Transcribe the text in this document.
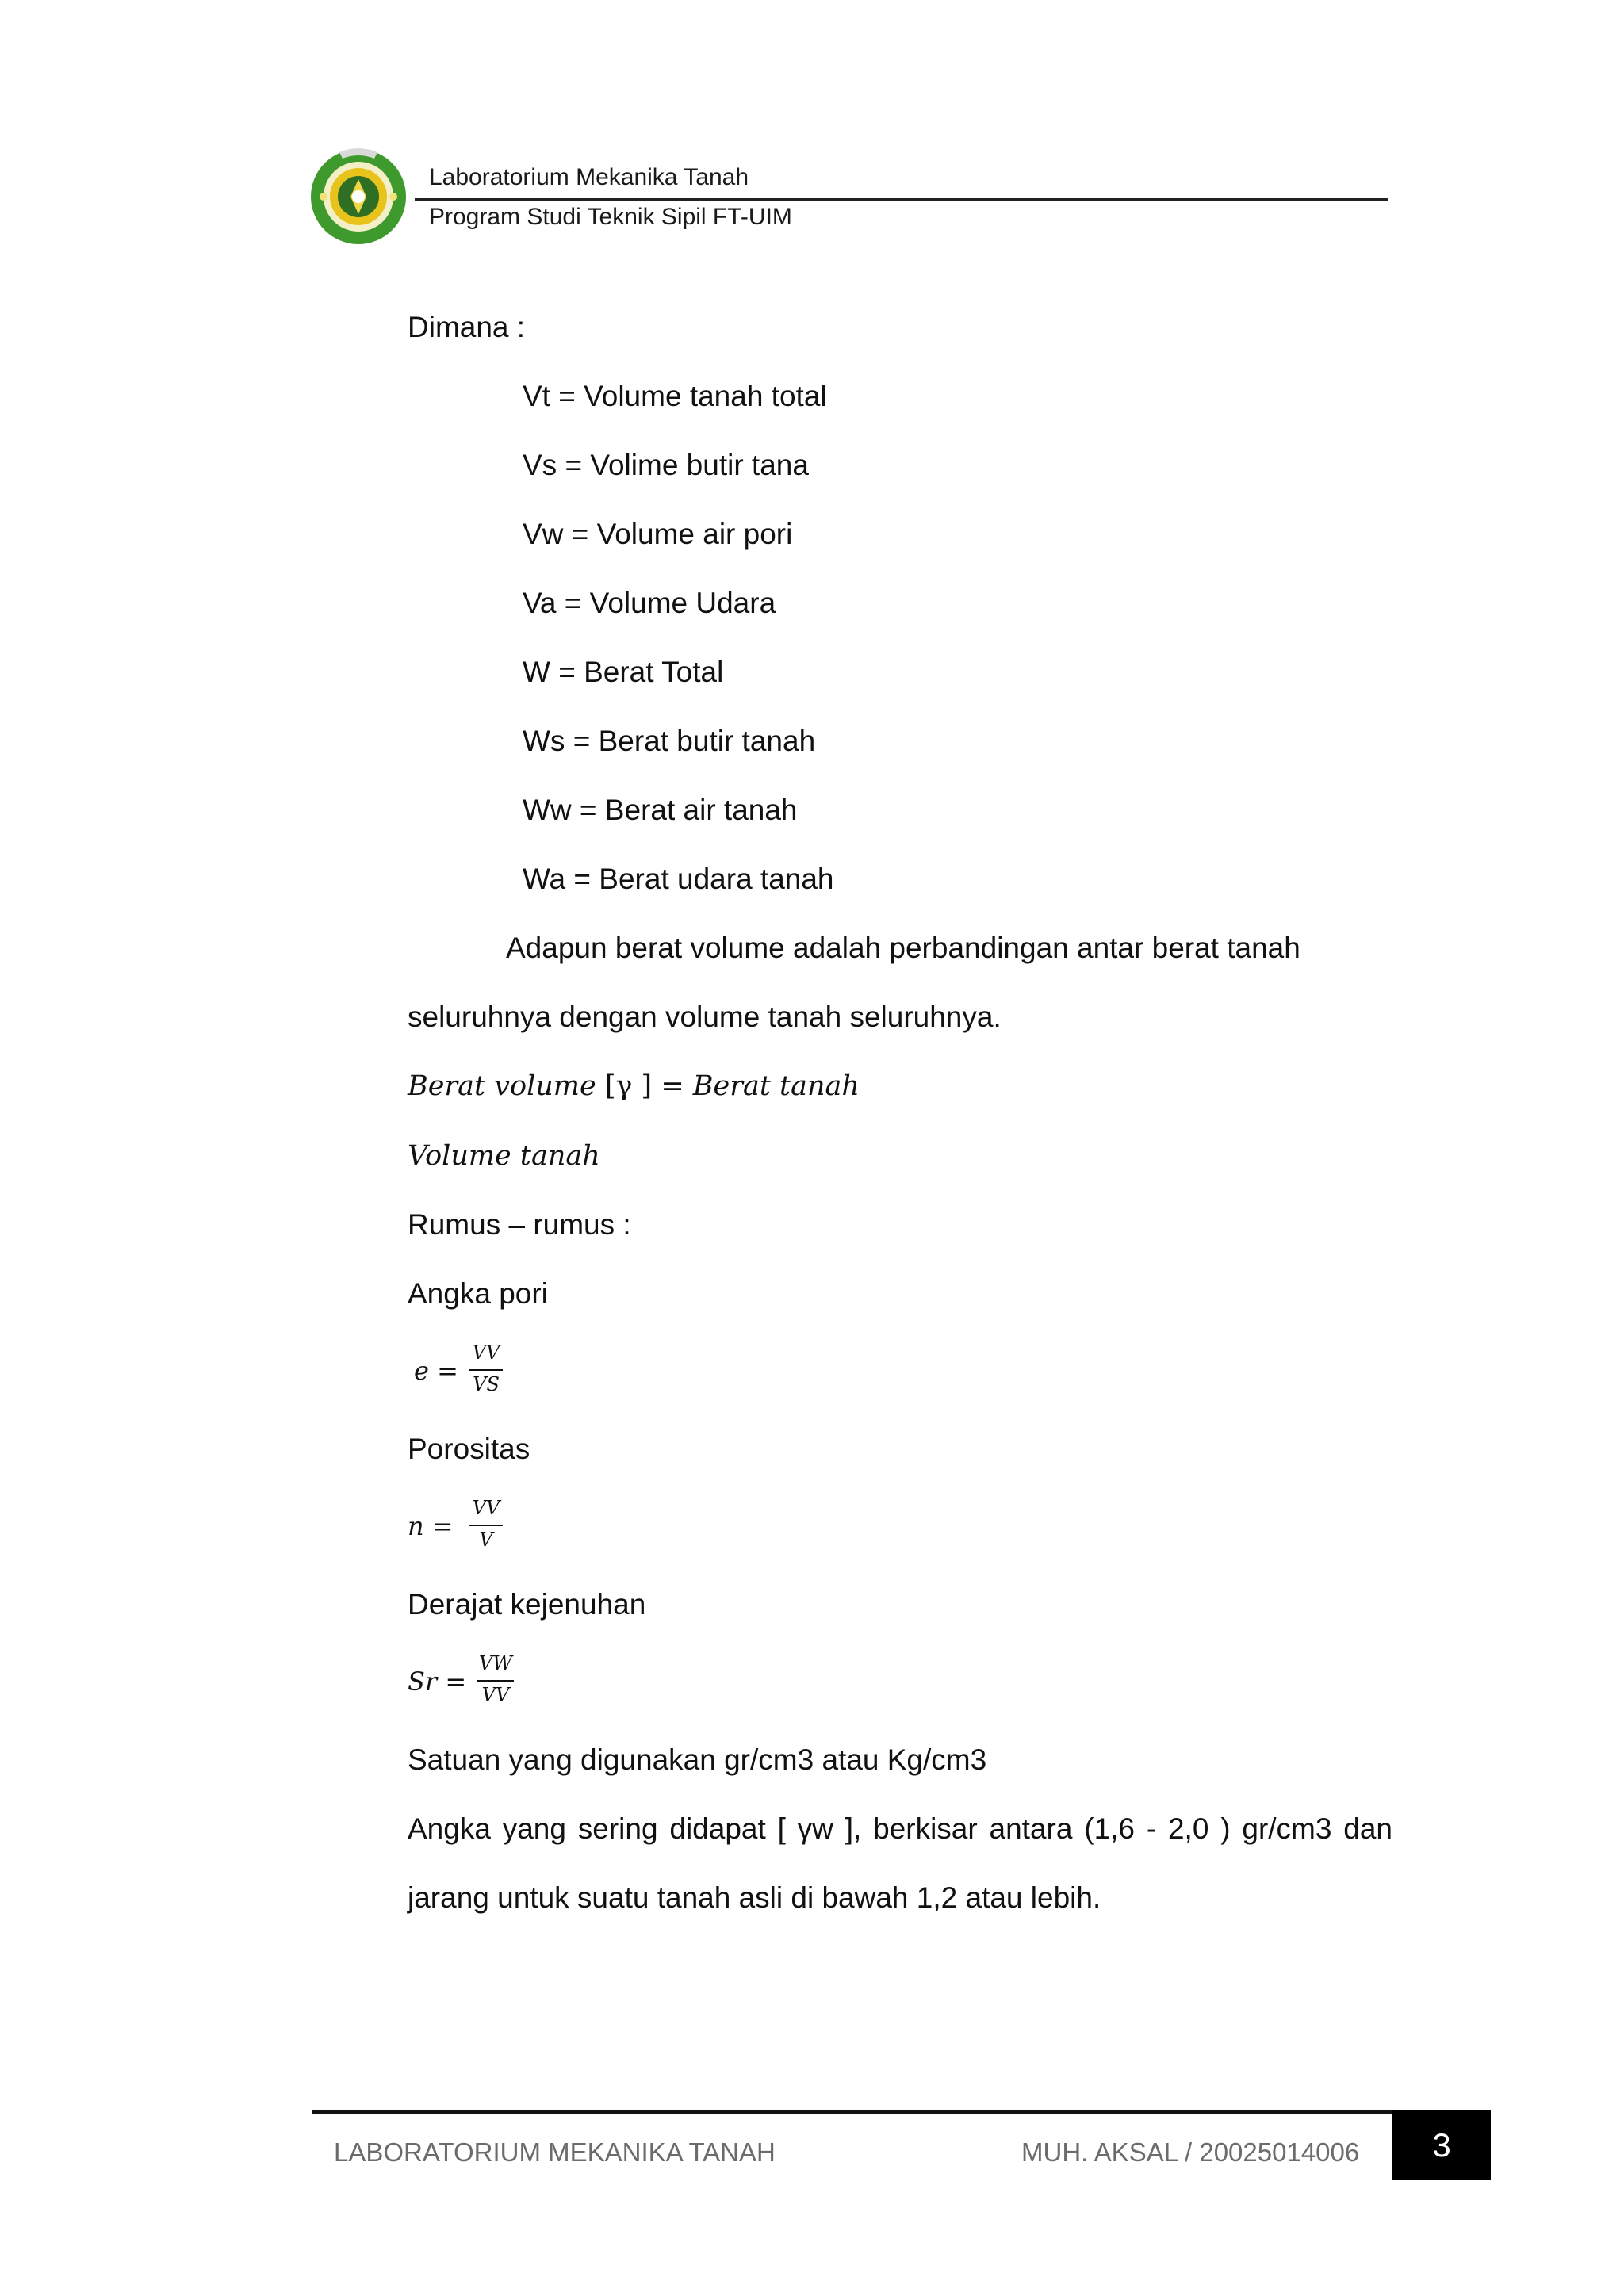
Laboratorium Mekanika Tanah
Program Studi Teknik Sipil FT-UIM
Dimana :
Vt = Volume tanah total
Vs = Volime butir tana
Vw = Volume air pori
Va = Volume Udara
W = Berat Total
Ws = Berat butir tanah
Ww = Berat air tanah
Wa = Berat udara tanah
Adapun berat volume adalah perbandingan antar berat tanah
seluruhnya dengan volume tanah seluruhnya.
Berat volume [γ ] = Berat tanah
Volume tanah
Rumus – rumus :
Angka pori
e =
VV
VS
Porositas
n =
VV
V
Derajat kejenuhan
Sr =
VW
VV
Satuan yang digunakan gr/cm3 atau Kg/cm3
Angka yang sering didapat [ γw ], berkisar antara (1,6 - 2,0 ) gr/cm3 dan
jarang untuk suatu tanah asli di bawah 1,2 atau lebih.
LABORATORIUM MEKANIKA TANAH	MUH. AKSAL / 20025014006	3
